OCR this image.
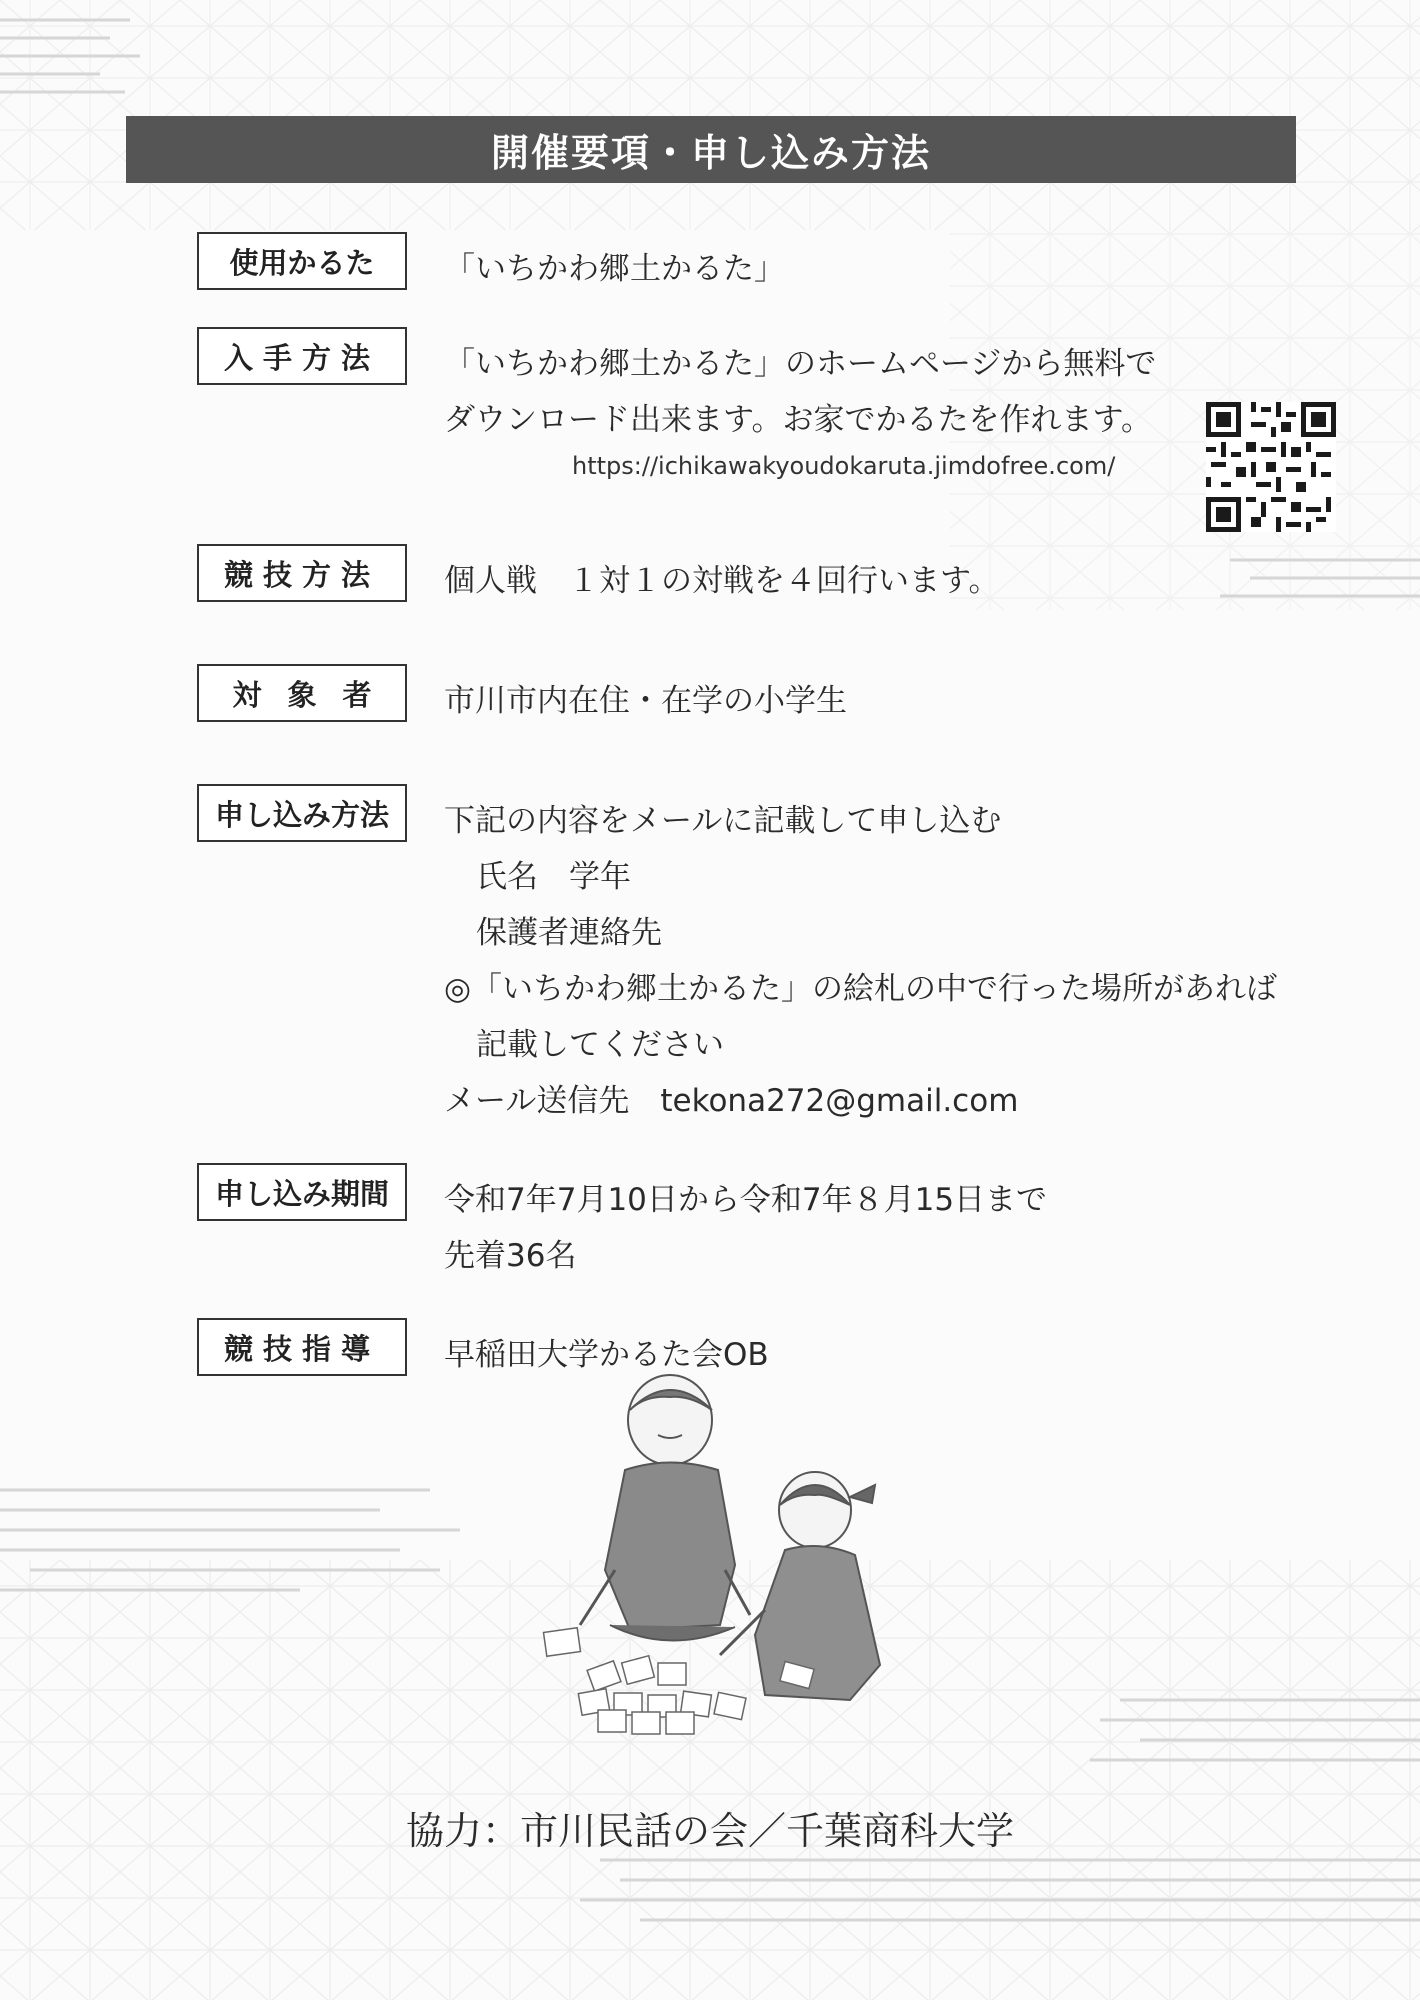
開催要項・申し込み方法
使用かるた	「いちかわ郷土かるた」
入手方法	「いちかわ郷土かるた」のホームページから無料で
ダウンロード出来ます。お家でかるたを作れます。
https://ichikawakyoudokaruta.jimdofree.com/
競技方法	個人戦　１対１の対戦を４回行います。
対象者	市川市内在住・在学の小学生
申し込み方法	下記の内容をメールに記載して申し込む
氏名　学年
保護者連絡先
◎「いちかわ郷土かるた」の絵札の中で行った場所があれば
記載してください
メール送信先　tekona272@gmail.com
申し込み期間	令和7年7月10日から令和7年８月15日まで
先着36名
競技指導	早稲田大学かるた会OB
協力：市川民話の会／千葉商科大学
